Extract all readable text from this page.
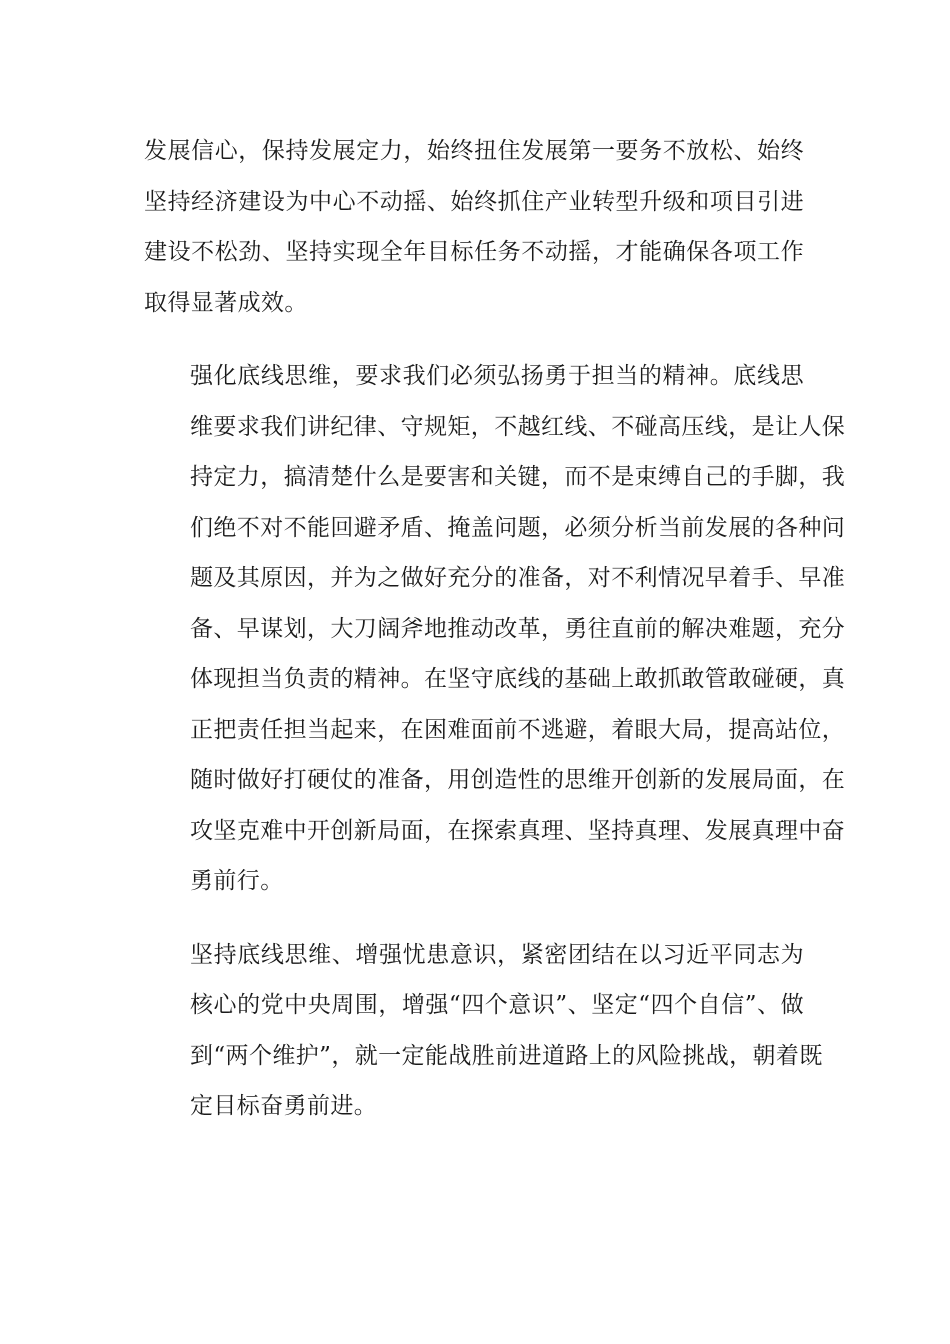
发展信心，保持发展定力，始终扭住发展第一要务不放松、始终
坚持经济建设为中心不动摇、始终抓住产业转型升级和项目引进
建设不松劲、坚持实现全年目标任务不动摇，才能确保各项工作
取得显著成效。

强化底线思维，要求我们必须弘扬勇于担当的精神。底线思
维要求我们讲纪律、守规矩，不越红线、不碰高压线，是让人保
持定力，搞清楚什么是要害和关键，而不是束缚自己的手脚，我
们绝不对不能回避矛盾、掩盖问题，必须分析当前发展的各种问
题及其原因，并为之做好充分的准备，对不利情况早着手、早准
备、早谋划，大刀阔斧地推动改革，勇往直前的解决难题，充分
体现担当负责的精神。在坚守底线的基础上敢抓敢管敢碰硬，真
正把责任担当起来，在困难面前不逃避，着眼大局，提高站位，
随时做好打硬仗的准备，用创造性的思维开创新的发展局面，在
攻坚克难中开创新局面，在探索真理、坚持真理、发展真理中奋
勇前行。

坚持底线思维、增强忧患意识，紧密团结在以习近平同志为
核心的党中央周围，增强“四个意识”、坚定“四个自信”、做
到“两个维护”，就一定能战胜前进道路上的风险挑战，朝着既
定目标奋勇前进。
